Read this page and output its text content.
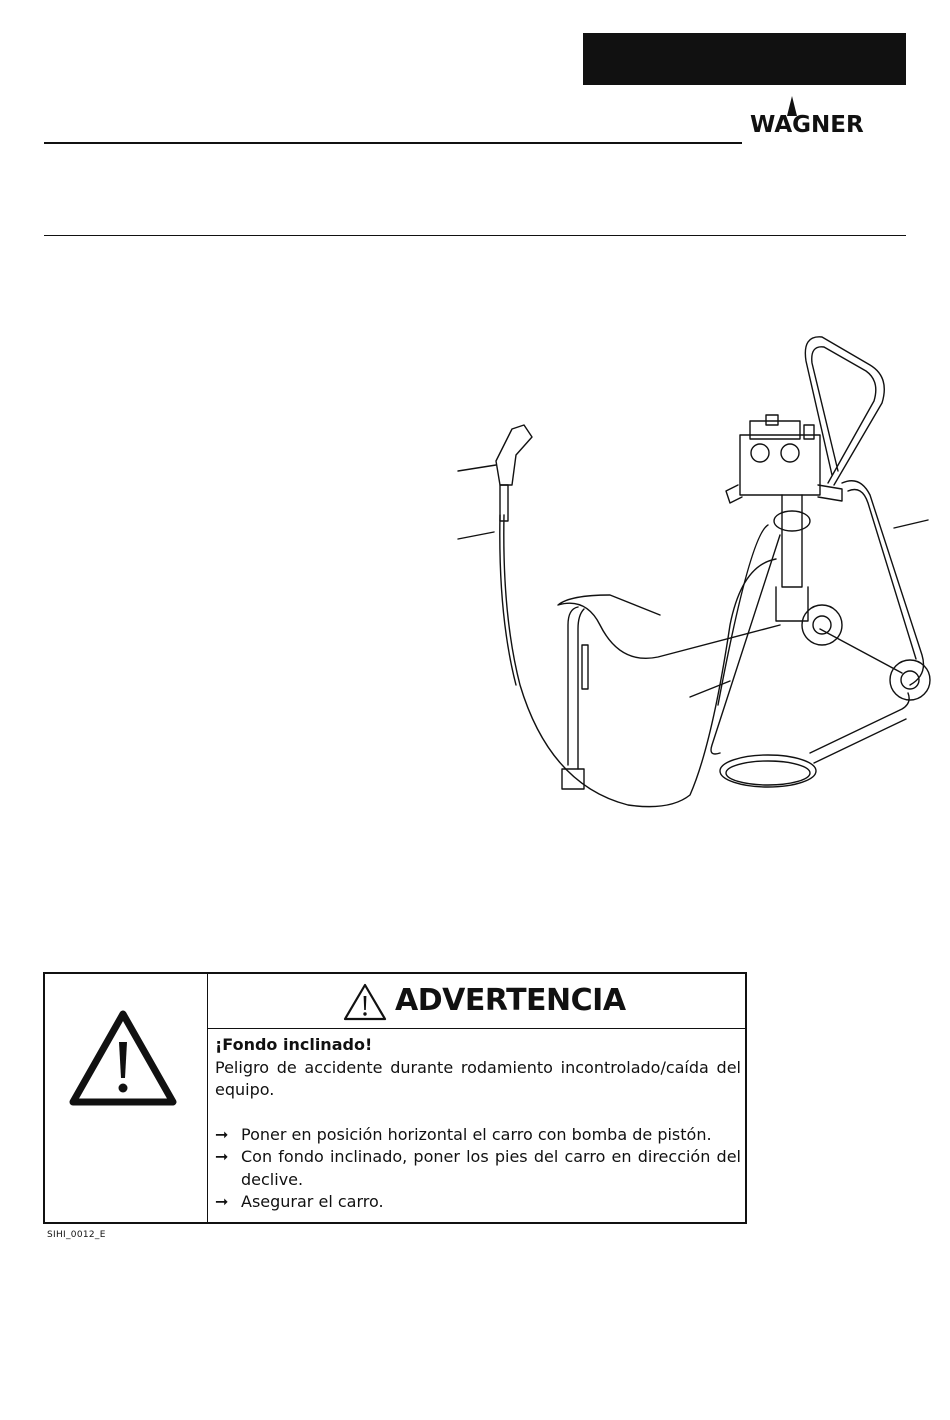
WAGNER
ADVERTENCIA
¡Fondo inclinado!
Peligro de accidente durante rodamiento incontrolado/caída del equipo.
➞ Poner en posición horizontal el carro con bomba de pistón.
➞ Con fondo inclinado, poner los pies del carro en dirección del declive.
➞ Asegurar el carro.
SIHI_0012_E
